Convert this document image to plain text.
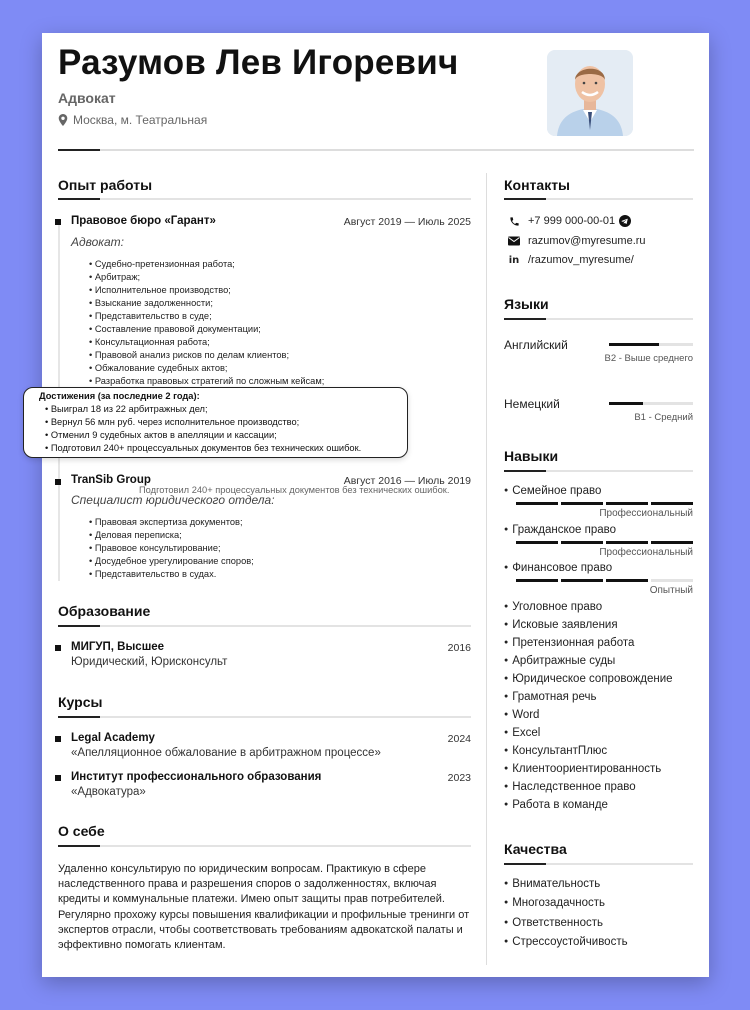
Разумов Лев Игоревич
Адвокат
Москва, м. Театральная
Опыт работы
Правовое бюро «Гарант»	Август 2019 — Июль 2025
Адвокат:
• Судебно-претензионная работа;
• Арбитраж;
• Исполнительное производство;
• Взыскание задолженности;
• Представительство в суде;
• Составление правовой документации;
• Консультационная работа;
• Правовой анализ рисков по делам клиентов;
• Обжалование судебных актов;
• Разработка правовых стратегий по сложным кейсам;
Подготовил 240+ процессуальных документов без технических ошибок.
TranSib Group	Август 2016 — Июль 2019
Специалист юридического отдела:
• Правовая экспертиза документов;
• Деловая переписка;
• Правовое консультирование;
• Досудебное урегулирование споров;
• Представительство в судах.
Образование
МИГУП, Высшее	2016
Юридический, Юрисконсульт
Курсы
Legal Academy	2024
«Апелляционное обжалование в арбитражном процессе»
Институт профессионального образования	2023
«Адвокатура»
О себе
Удаленно консультирую по юридическим вопросам. Практикую в сфере наследственного права и разрешения споров о задолженностях, включая кредиты и коммунальные платежи. Имею опыт защиты прав потребителей. Регулярно прохожу курсы повышения квалификации и профильные тренинги от экспертов отрасли, чтобы соответствовать требованиям адвокатской палаты и эффективно помогать клиентам.
Контакты
+7 999 000-00-01
razumov@myresume.ru
in /razumov_myresume/
Языки
Английский
B2 - Выше среднего
Немецкий
B1 - Средний
Навыки
● Семейное право
Профессиональный
● Гражданское право
Профессиональный
● Финансовое право
Опытный
● Уголовное право
● Исковые заявления
● Претензионная работа
● Арбитражные суды
● Юридическое сопровождение
● Грамотная речь
● Word
● Excel
● КонсультантПлюс
● Клиентоориентированность
● Наследственное право
● Работа в команде
Качества
● Внимательность
● Многозадачность
● Ответственность
● Стрессоустойчивость
Достижения (за последние 2 года):
• Выиграл 18 из 22 арбитражных дел;
• Вернул 56 млн руб. через исполнительное производство;
• Отменил 9 судебных актов в апелляции и кассации;
• Подготовил 240+ процессуальных документов без технических ошибок.
